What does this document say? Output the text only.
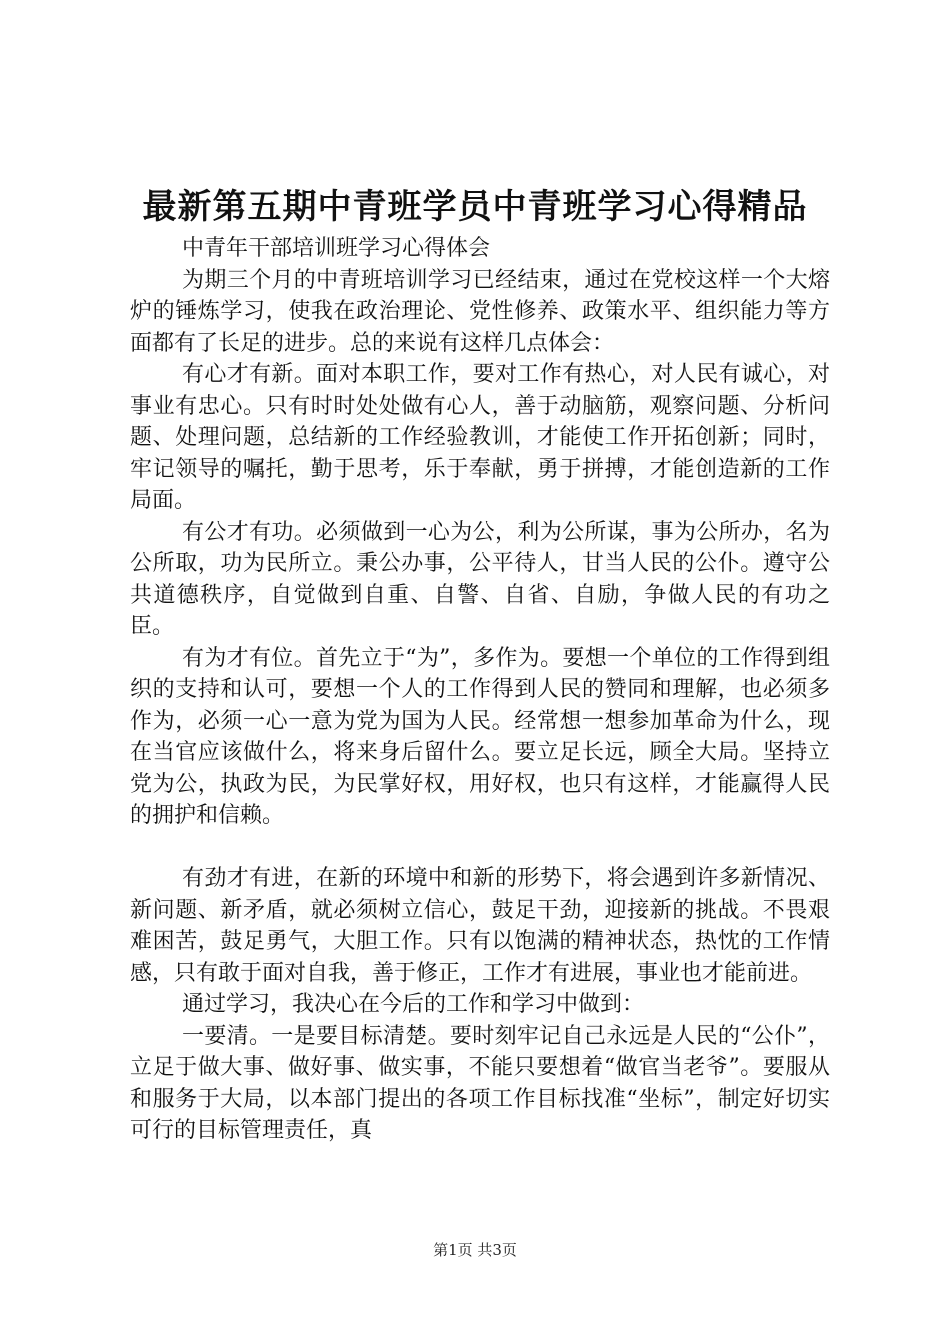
最新第五期中青班学员中青班学习心得精品

中青年干部培训班学习心得体会

为期三个月的中青班培训学习已经结束，通过在党校这样一个大熔炉的锤炼学习，使我在政治理论、党性修养、政策水平、组织能力等方面都有了长足的进步。总的来说有这样几点体会：

有心才有新。面对本职工作，要对工作有热心，对人民有诚心，对事业有忠心。只有时时处处做有心人，善于动脑筋，观察问题、分析问题、处理问题，总结新的工作经验教训，才能使工作开拓创新；同时，牢记领导的嘱托，勤于思考，乐于奉献，勇于拼搏，才能创造新的工作局面。

有公才有功。必须做到一心为公，利为公所谋，事为公所办，名为公所取，功为民所立。秉公办事，公平待人，甘当人民的公仆。遵守公共道德秩序，自觉做到自重、自警、自省、自励，争做人民的有功之臣。

有为才有位。首先立于“为”，多作为。要想一个单位的工作得到组织的支持和认可，要想一个人的工作得到人民的赞同和理解，也必须多作为，必须一心一意为党为国为人民。经常想一想参加革命为什么，现在当官应该做什么，将来身后留什么。要立足长远，顾全大局。坚持立党为公，执政为民，为民掌好权，用好权，也只有这样，才能赢得人民的拥护和信赖。

有劲才有进，在新的环境中和新的形势下，将会遇到许多新情况、新问题、新矛盾，就必须树立信心，鼓足干劲，迎接新的挑战。不畏艰难困苦，鼓足勇气，大胆工作。只有以饱满的精神状态，热忱的工作情感，只有敢于面对自我，善于修正，工作才有进展，事业也才能前进。

通过学习，我决心在今后的工作和学习中做到：

一要清。一是要目标清楚。要时刻牢记自己永远是人民的“公仆”，立足于做大事、做好事、做实事，不能只要想着“做官当老爷”。要服从和服务于大局，以本部门提出的各项工作目标找准“坐标”，制定好切实可行的目标管理责任，真

第1页 共3页
